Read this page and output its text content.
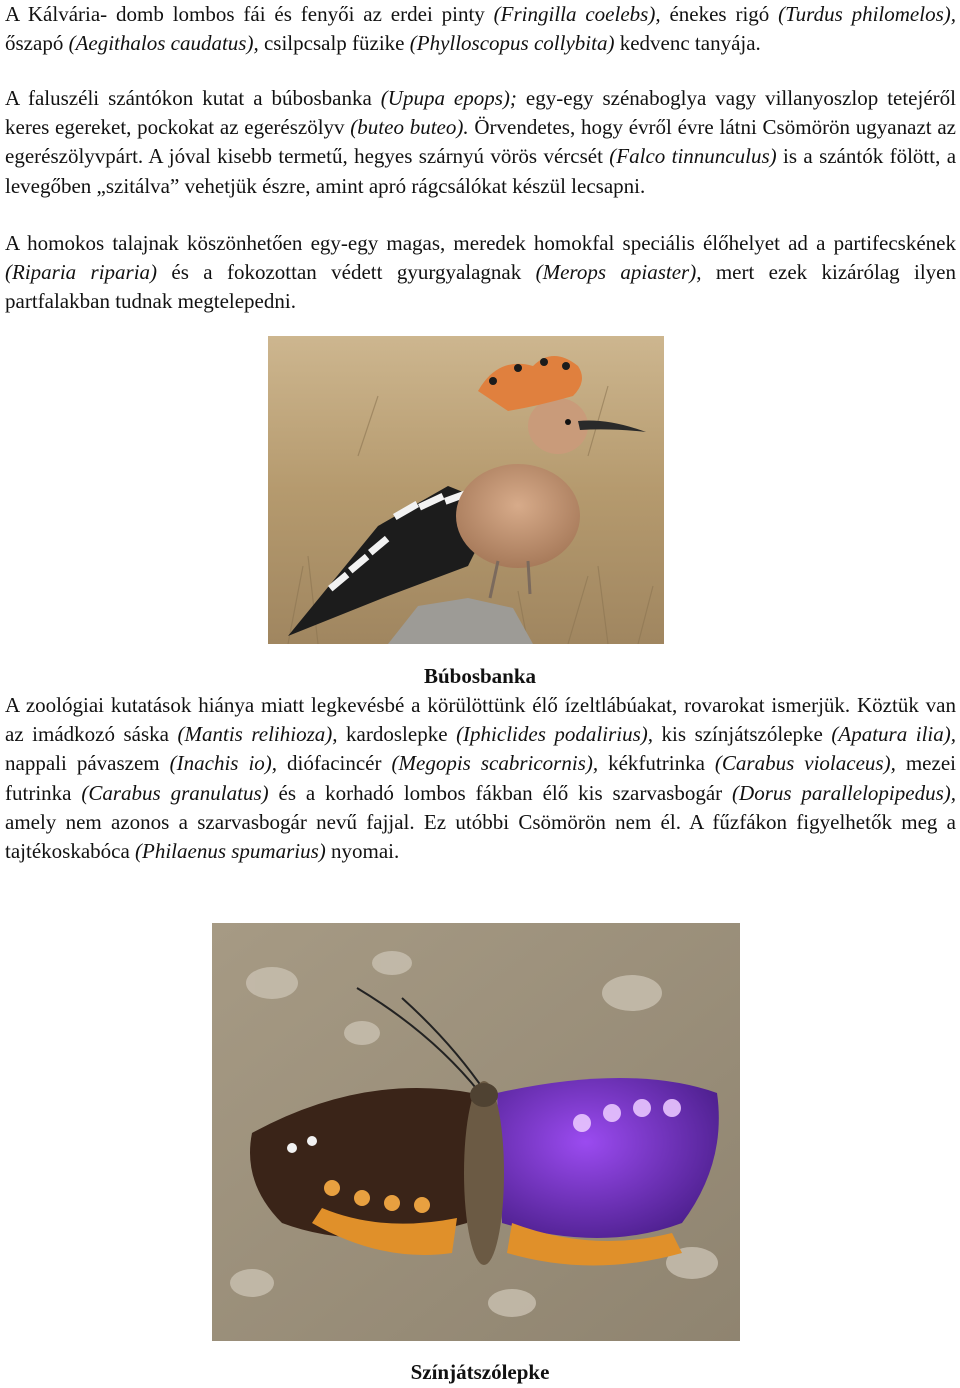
A Kálvária- domb lombos fái és fenyői az erdei pinty (Fringilla coelebs), énekes rigó (Turdus philomelos), őszapó (Aegithalos caudatus), csilpcsalp füzike (Phylloscopus collybita) kedvenc tanyája.

A faluszéli szántókon kutat a búbosbanka (Upupa epops); egy-egy szénaboglya vagy villanyoszlop tetejéről keres egereket, pockokat az egerészölyv (buteo buteo). Örvendetes, hogy évről évre látni Csömörön ugyanazt az egerészölyvpárt. A jóval kisebb termetű, hegyes szárnyú vörös vércsét (Falco tinnunculus) is a szántók fölött, a levegőben „szitálva” vehetjük észre, amint apró rágcsálókat készül lecsapni.

A homokos talajnak köszönhetően egy-egy magas, meredek homokfal speciális élőhelyet ad a partifecskének (Riparia riparia) és a fokozottan védett gyurgyalagnak (Merops apiaster), mert ezek kizárólag ilyen partfalakban tudnak megtelepedni.

Búbosbanka

A zoológiai kutatások hiánya miatt legkevésbé a körülöttünk élő ízeltlábúakat, rovarokat ismerjük. Köztük van az imádkozó sáska (Mantis relihioza), kardoslepke (Iphiclides podalirius), kis színjátszólepke (Apatura ilia), nappali pávaszem (Inachis io), diófacincér (Megopis scabricornis), kékfutrinka (Carabus violaceus), mezei futrinka (Carabus granulatus) és a korhadó lombos fákban élő kis szarvasbogár (Dorus parallelopipedus), amely nem azonos a szarvasbogár nevű fajjal. Ez utóbbi Csömörön nem él. A fűzfákon figyelhetők meg a tajtékoskabóca (Philaenus spumarius) nyomai.

Színjátszólepke
